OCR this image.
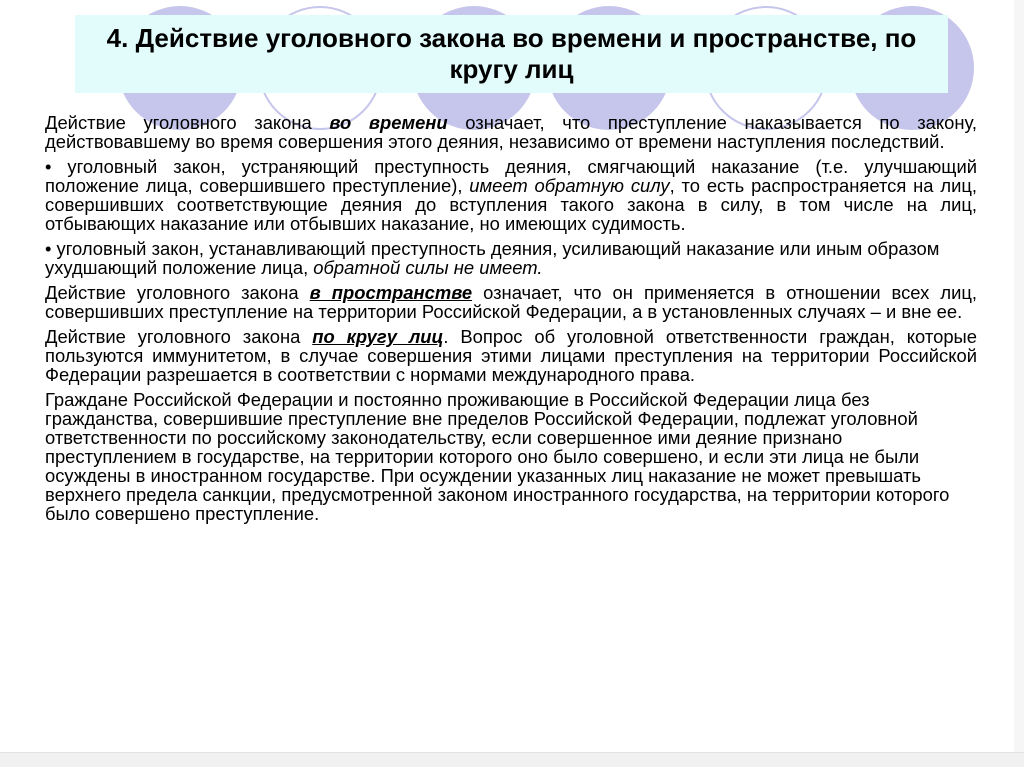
4. Действие уголовного закона во времени и пространстве, по кругу лиц

Действие уголовного закона во времени означает, что преступление наказывается по закону, действовавшему во время совершения этого деяния, независимо от времени наступления последствий.

• уголовный закон, устраняющий преступность деяния, смягчающий наказание (т.е. улучшающий положение лица, совершившего преступление), имеет обратную силу, то есть распространяется на лиц, совершивших соответствующие деяния до вступления такого закона в силу, в том числе на лиц, отбывающих наказание или отбывших наказание, но имеющих судимость.

• уголовный закон, устанавливающий преступность деяния, усиливающий наказание или иным образом ухудшающий положение лица, обратной силы не имеет.

Действие уголовного закона в пространстве означает, что он применяется в отношении всех лиц, совершивших преступление на территории Российской Федерации, а в установленных случаях – и вне ее.

Действие уголовного закона по кругу лиц. Вопрос об уголовной ответственности граждан, которые пользуются иммунитетом, в случае совершения этими лицами преступления на территории Российской Федерации разрешается в соответствии с нормами международного права.

Граждане Российской Федерации и постоянно проживающие в Российской Федерации лица без гражданства, совершившие преступление вне пределов Российской Федерации, подлежат уголовной ответственности по российскому законодательству, если совершенное ими деяние признано преступлением в государстве, на территории которого оно было совершено, и если эти лица не были осуждены в иностранном государстве. При осуждении указанных лиц наказание не может превышать верхнего предела санкции, предусмотренной законом иностранного государства, на территории которого было совершено преступление.
